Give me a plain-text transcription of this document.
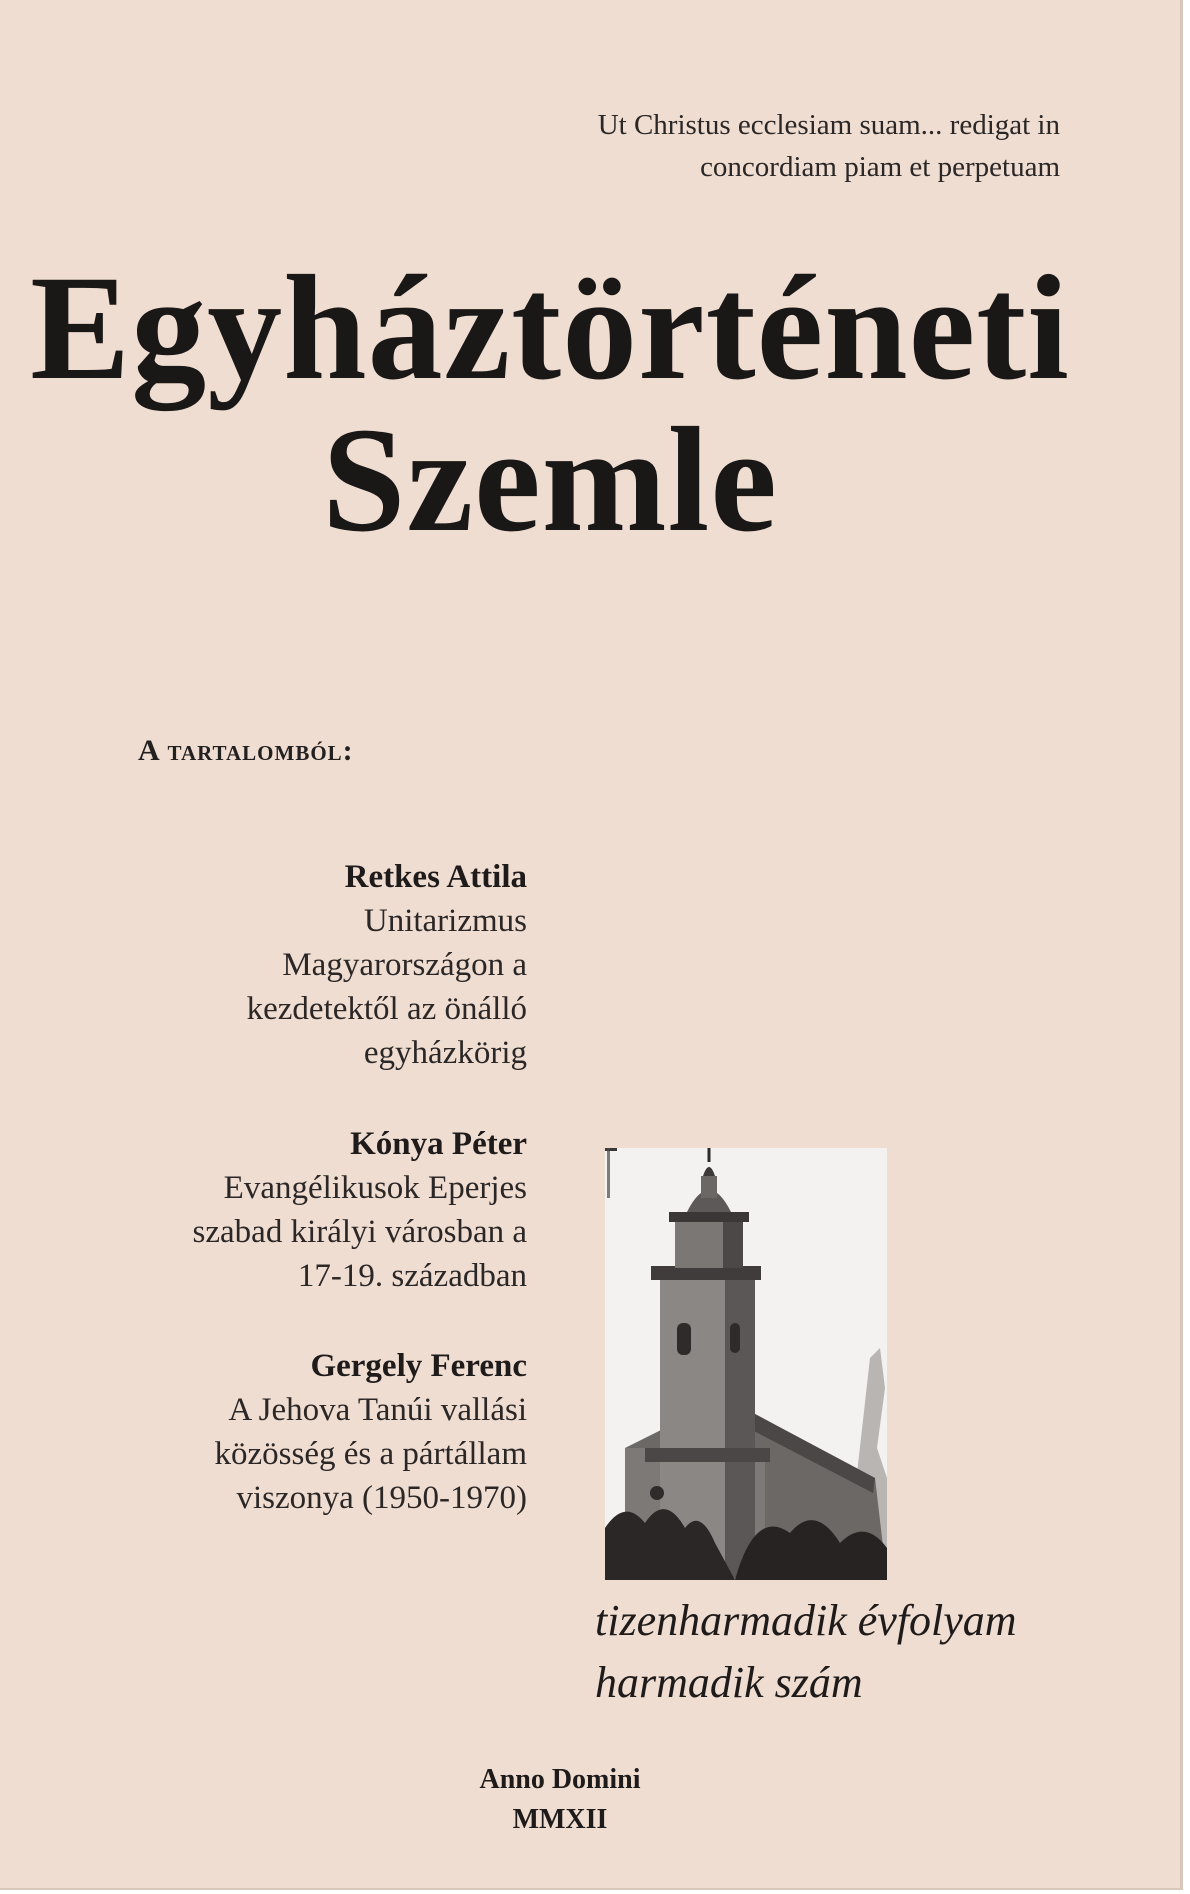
Ut Christus ecclesiam suam... redigat in
concordiam piam et perpetuam
Egyháztörténeti
Szemle
A tartalomból:
Retkes Attila
Unitarizmus
Magyarországon a
kezdetektől az önálló
egyházkörig
Kónya Péter
Evangélikusok Eperjes
szabad királyi városban a
17-19. században
Gergely Ferenc
A Jehova Tanúi vallási
közösség és a pártállam
viszonya (1950-1970)
tizenharmadik évfolyam
harmadik szám
Anno Domini
MMXII
